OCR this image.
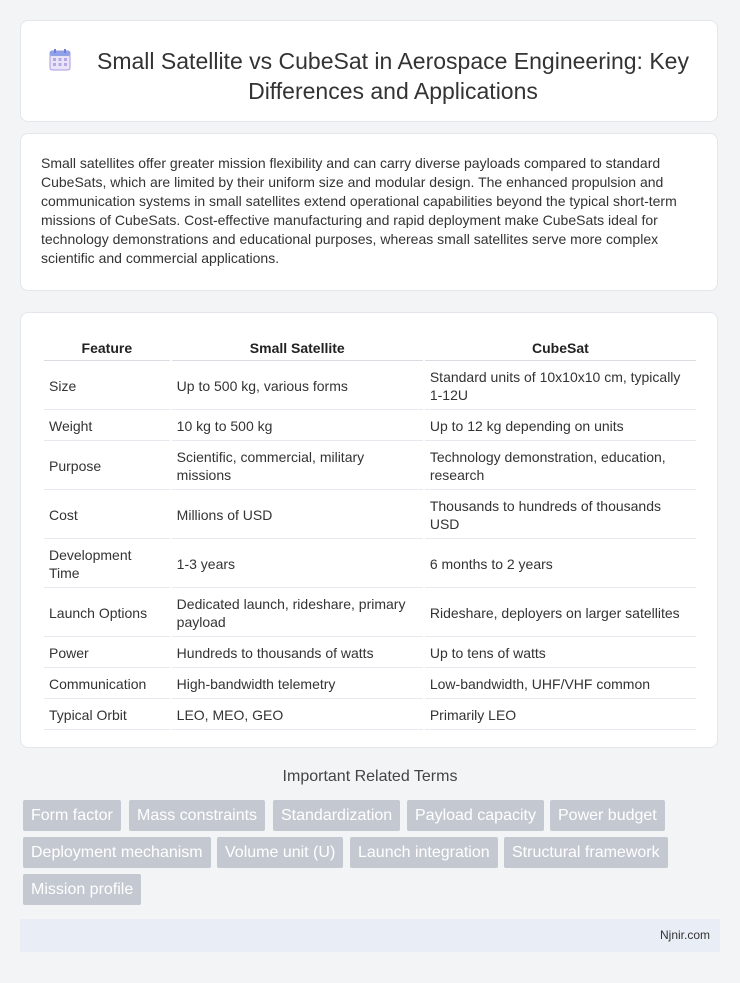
Small Satellite vs CubeSat in Aerospace Engineering: Key Differences and Applications

Small satellites offer greater mission flexibility and can carry diverse payloads compared to standard CubeSats, which are limited by their uniform size and modular design. The enhanced propulsion and communication systems in small satellites extend operational capabilities beyond the typical short-term missions of CubeSats. Cost-effective manufacturing and rapid deployment make CubeSats ideal for technology demonstrations and educational purposes, whereas small satellites serve more complex scientific and commercial applications.

Feature	Small Satellite	CubeSat
Size	Up to 500 kg, various forms	Standard units of 10x10x10 cm, typically 1-12U
Weight	10 kg to 500 kg	Up to 12 kg depending on units
Purpose	Scientific, commercial, military missions	Technology demonstration, education, research
Cost	Millions of USD	Thousands to hundreds of thousands USD
Development Time	1-3 years	6 months to 2 years
Launch Options	Dedicated launch, rideshare, primary payload	Rideshare, deployers on larger satellites
Power	Hundreds to thousands of watts	Up to tens of watts
Communication	High-bandwidth telemetry	Low-bandwidth, UHF/VHF common
Typical Orbit	LEO, MEO, GEO	Primarily LEO
Important Related Terms
Form factor	Mass constraints	Standardization	Payload capacity	Power budget
Deployment mechanism	Volume unit (U)	Launch integration	Structural framework
Mission profile
Njnir.com
